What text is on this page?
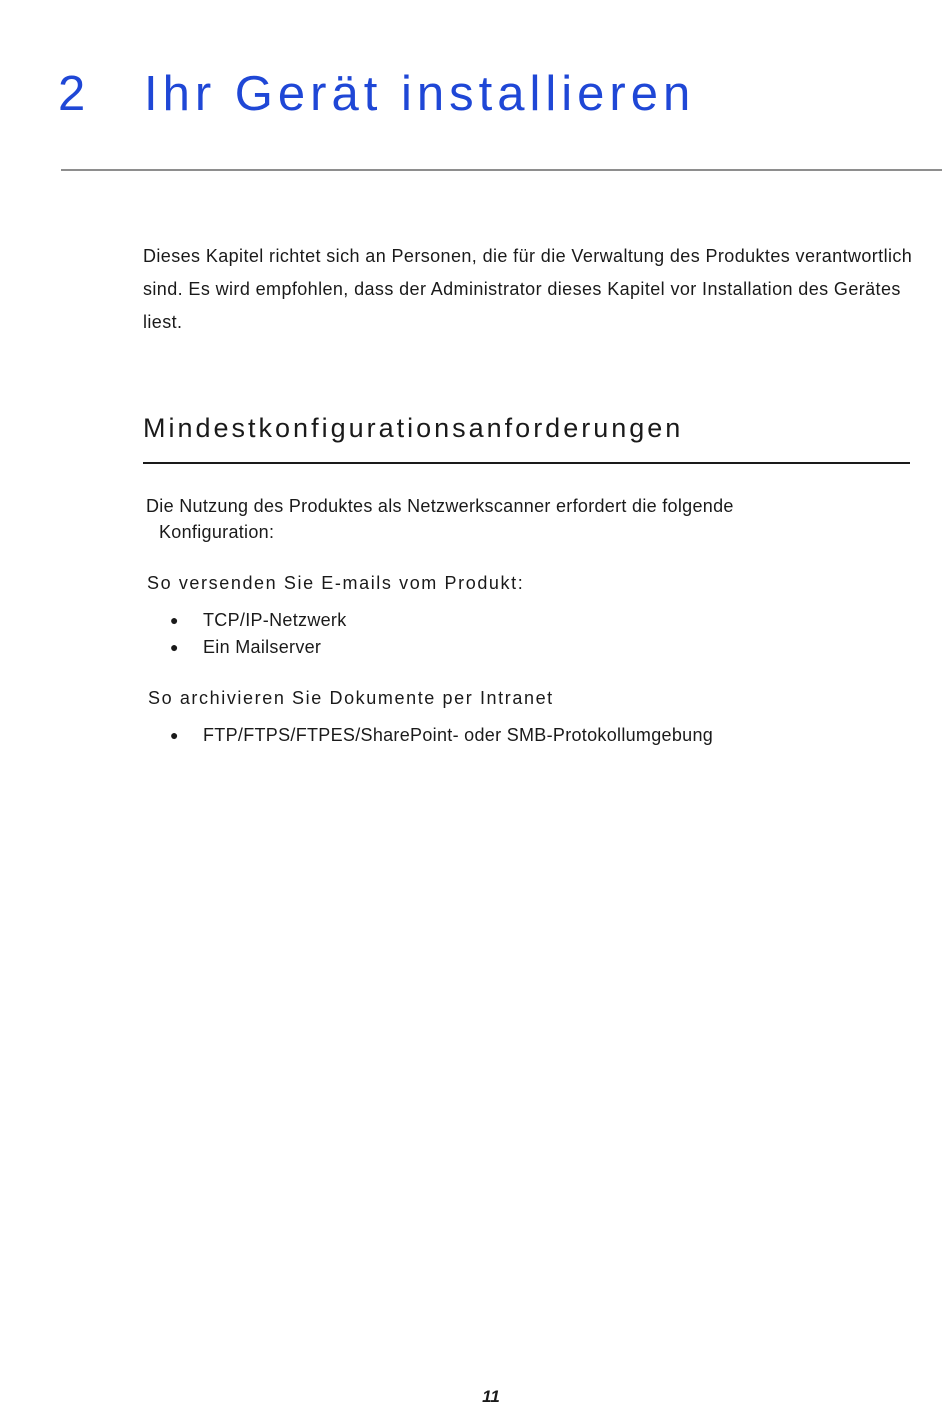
2 Ihr Gerät installieren

Dieses Kapitel richtet sich an Personen, die für die Verwaltung des Produktes verantwortlich sind. Es wird empfohlen, dass der Administrator dieses Kapitel vor Installation des Gerätes liest.

Mindestkonfigurationsanforderungen

Die Nutzung des Produktes als Netzwerkscanner erfordert die folgende
Konfiguration:

So versenden Sie E-mails vom Produkt:

● TCP/IP-Netzwerk
● Ein Mailserver

So archivieren Sie Dokumente per Intranet

● FTP/FTPS/FTPES/SharePoint- oder SMB-Protokollumgebung
11
